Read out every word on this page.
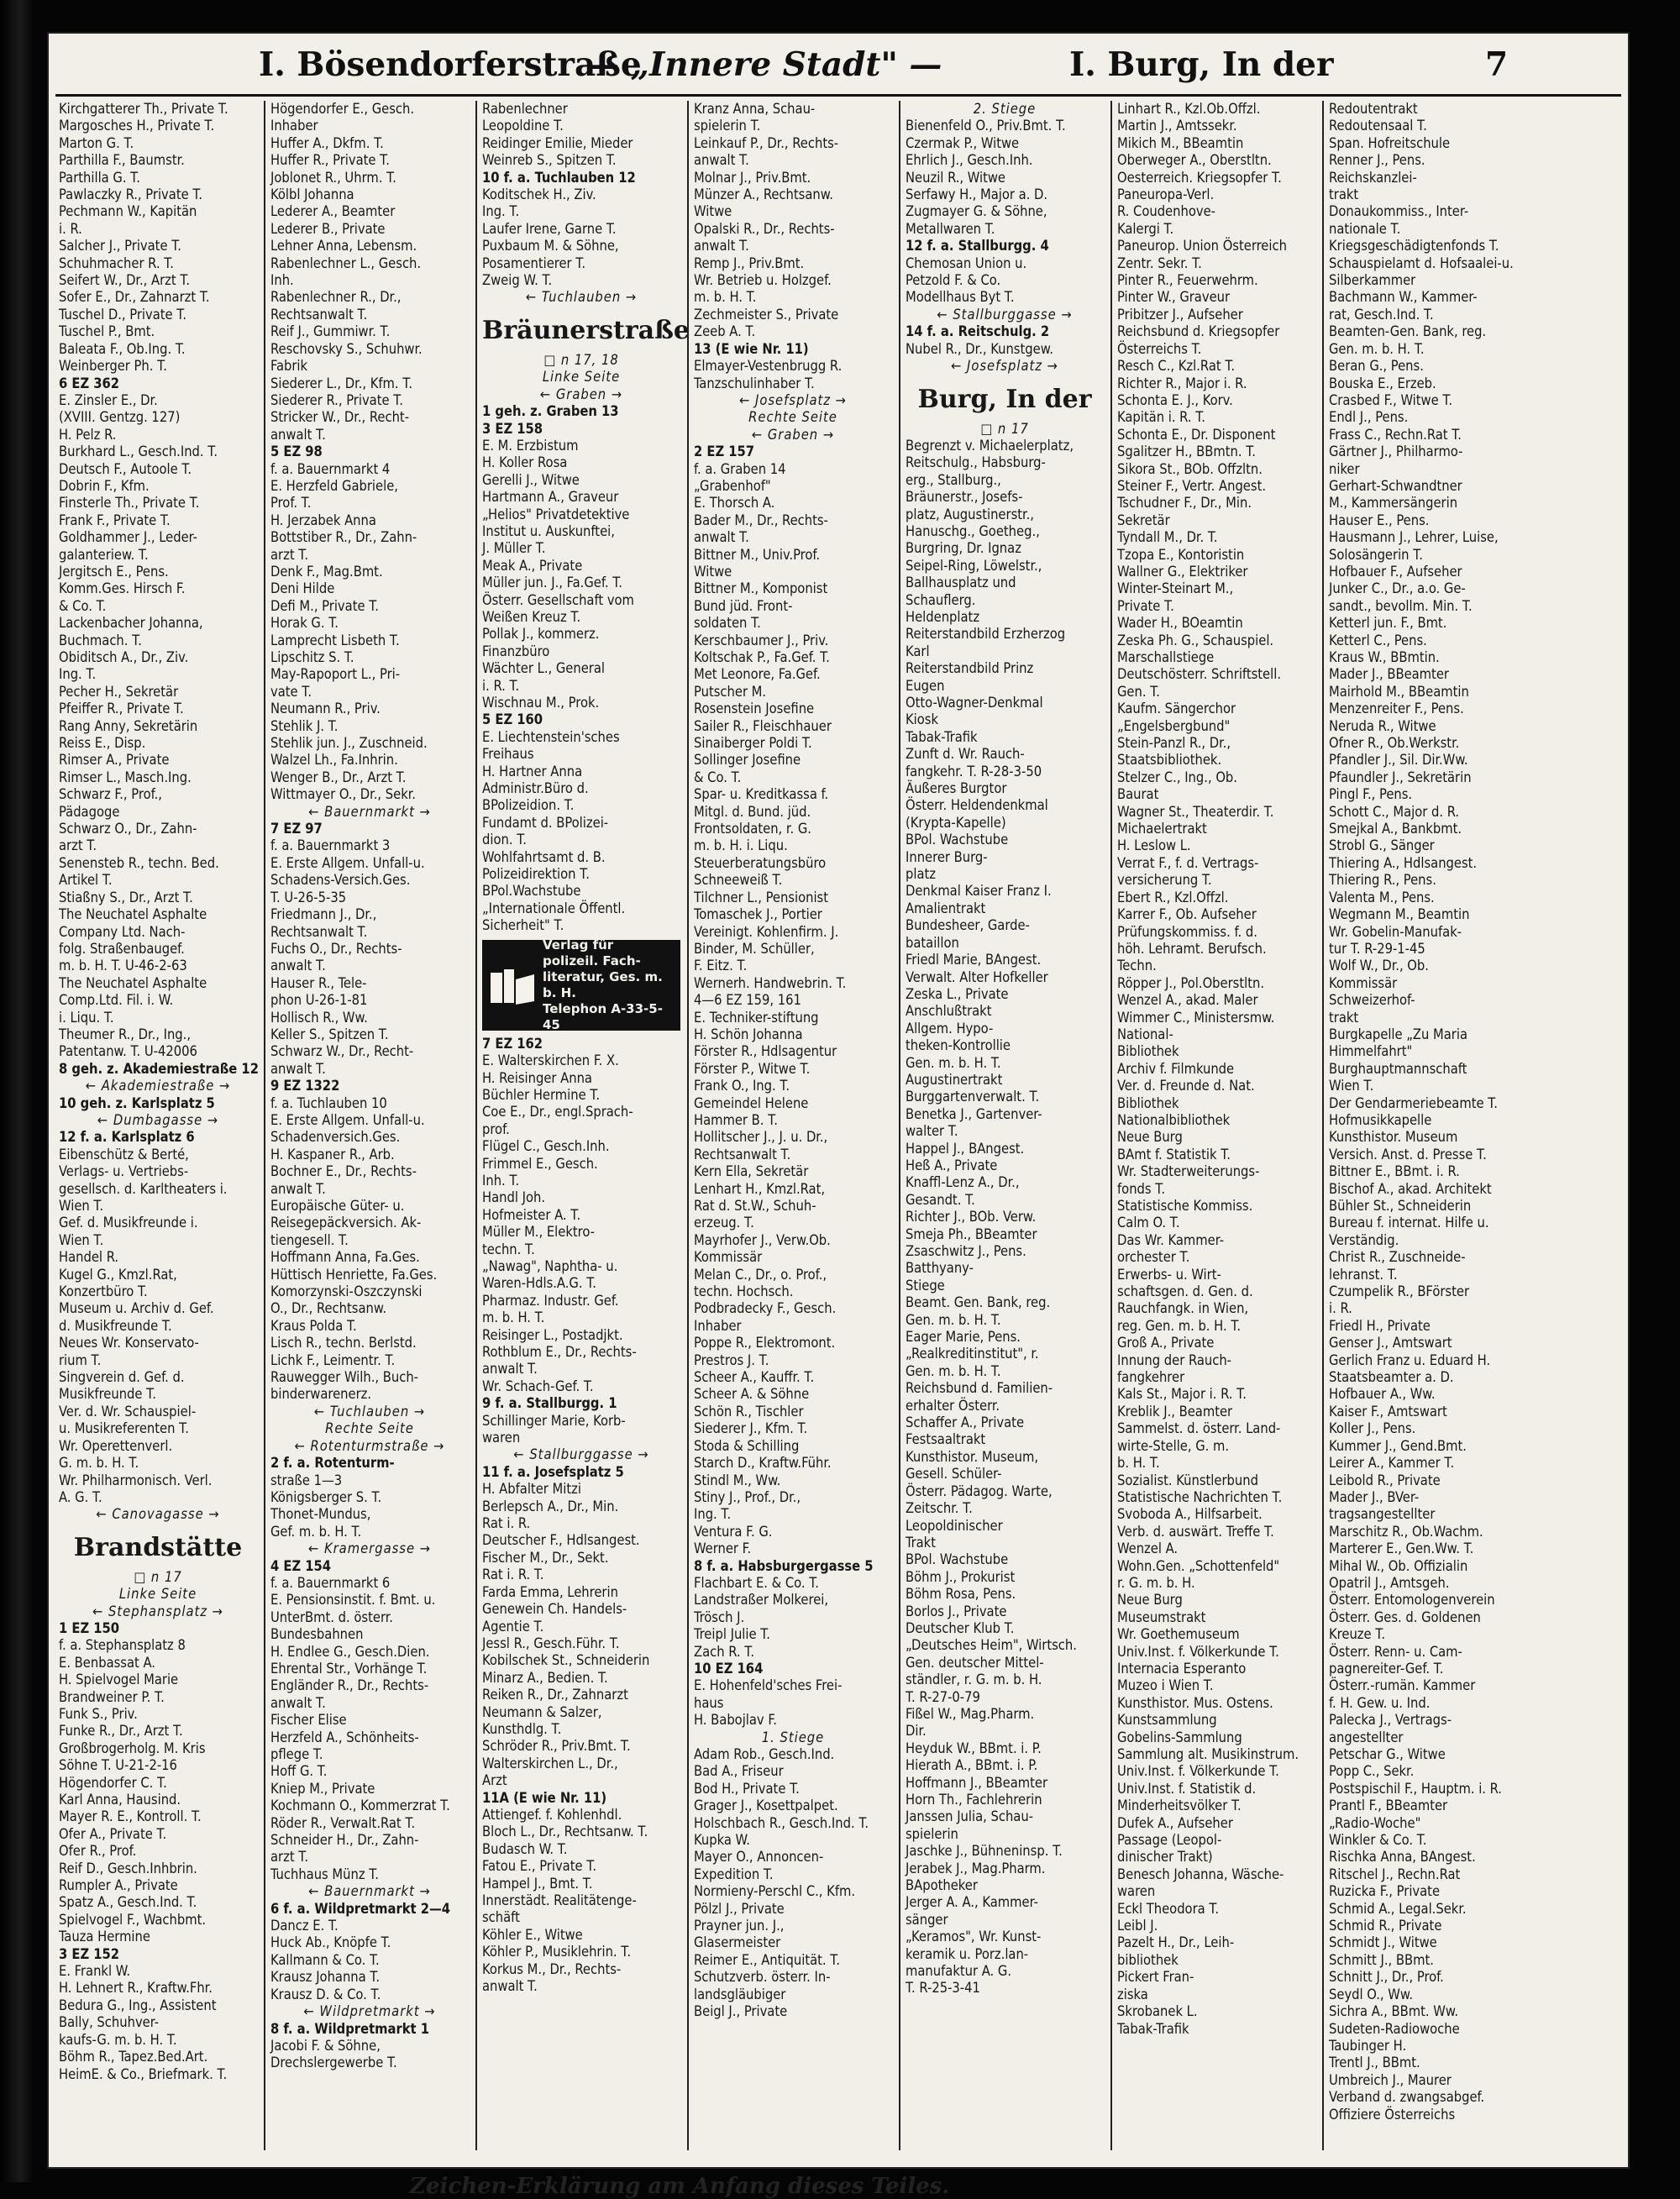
I. Bösendorferstraße
— „Innere Stadt" —	I. Burg, In der	7
Kirchgatterer Th., Private T.
Margosches H., Private T.
Marton G. T.
Parthilla F., Baumstr.
Parthilla G. T.
Pawlaczky R., Private T.
Pechmann W., Kapitän
i. R.
Salcher J., Private T.
Schuhmacher R. T.
Seifert W., Dr., Arzt T.
Sofer E., Dr., Zahnarzt T.
Tuschel D., Private T.
Tuschel P., Bmt.
Baleata F., Ob.Ing. T.
Weinberger Ph. T.
6 EZ 362
E. Zinsler E., Dr.
(XVIII. Gentzg. 127)
H. Pelz R.
Burkhard L., Gesch.Ind. T.
Deutsch F., Autoole T.
Dobrin F., Kfm.
Finsterle Th., Private T.
Frank F., Private T.
Goldhammer J., Leder-
galanteriew. T.
Jergitsch E., Pens.
Komm.Ges. Hirsch F.
& Co. T.
Lackenbacher Johanna,
Buchmach. T.
Obiditsch A., Dr., Ziv.
Ing. T.
Pecher H., Sekretär
Pfeiffer R., Private T.
Rang Anny, Sekretärin
Reiss E., Disp.
Rimser A., Private
Rimser L., Masch.Ing.
Schwarz F., Prof.,
Pädagoge
Schwarz O., Dr., Zahn-
arzt T.
Senensteb R., techn. Bed.
Artikel T.
Stiaßny S., Dr., Arzt T.
The Neuchatel Asphalte
Company Ltd. Nach-
folg. Straßenbaugef.
m. b. H. T. U-46-2-63
The Neuchatel Asphalte
Comp.Ltd. Fil. i. W.
i. Liqu. T.
Theumer R., Dr., Ing.,
Patentanw. T. U-42006
8 geh. z. Akademiestraße 12
← Akademiestraße →
10 geh. z. Karlsplatz 5
← Dumbagasse →
12 f. a. Karlsplatz 6
Eibenschütz & Berté,
Verlags- u. Vertriebs-
gesellsch. d. Karltheaters i.
Wien T.
Gef. d. Musikfreunde i.
Wien T.
Handel R.
Kugel G., Kmzl.Rat,
Konzertbüro T.
Museum u. Archiv d. Gef.
d. Musikfreunde T.
Neues Wr. Konservato-
rium T.
Singverein d. Gef. d.
Musikfreunde T.
Ver. d. Wr. Schauspiel-
u. Musikreferenten T.
Wr. Operettenverl.
G. m. b. H. T.
Wr. Philharmonisch. Verl.
A. G. T.
← Canovagasse →
Brandstätte
□ n 17
Linke Seite
← Stephansplatz →
1 EZ 150
f. a. Stephansplatz 8
E. Benbassat A.
H. Spielvogel Marie
Brandweiner P. T.
Funk S., Priv.
Funke R., Dr., Arzt T.
Großbrogerholg. M. Kris
Söhne T. U-21-2-16
Högendorfer C. T.
Karl Anna, Hausind.
Mayer R. E., Kontroll. T.
Ofer A., Private T.
Ofer R., Prof.
Reif D., Gesch.Inhbrin.
Rumpler A., Private
Spatz A., Gesch.Ind. T.
Spielvogel F., Wachbmt.
Tauza Hermine
3 EZ 152
E. Frankl W.
H. Lehnert R., Kraftw.Fhr.
Bedura G., Ing., Assistent
Bally, Schuhver-
kaufs-G. m. b. H. T.
Böhm R., Tapez.Bed.Art.
HeimE. & Co., Briefmark. T.
Högendorfer E., Gesch.
Inhaber
Huffer A., Dkfm. T.
Huffer R., Private T.
Joblonet R., Uhrm. T.
Kölbl Johanna
Lederer A., Beamter
Lederer B., Private
Lehner Anna, Lebensm.
Rabenlechner L., Gesch.
Inh.
Rabenlechner R., Dr.,
Rechtsanwalt T.
Reif J., Gummiwr. T.
Reschovsky S., Schuhwr.
Fabrik
Siederer L., Dr., Kfm. T.
Siederer R., Private T.
Stricker W., Dr., Recht-
anwalt T.
5 EZ 98
f. a. Bauernmarkt 4
E. Herzfeld Gabriele,
Prof. T.
H. Jerzabek Anna
Bottstiber R., Dr., Zahn-
arzt T.
Denk F., Mag.Bmt.
Deni Hilde
Defi M., Private T.
Horak G. T.
Lamprecht Lisbeth T.
Lipschitz S. T.
May-Rapoport L., Pri-
vate T.
Neumann R., Priv.
Stehlik J. T.
Stehlik jun. J., Zuschneid.
Walzel Lh., Fa.Inhrin.
Wenger B., Dr., Arzt T.
Wittmayer O., Dr., Sekr.
← Bauernmarkt →
7 EZ 97
f. a. Bauernmarkt 3
E. Erste Allgem. Unfall-u.
Schadens-Versich.Ges.
T. U-26-5-35
Friedmann J., Dr.,
Rechtsanwalt T.
Fuchs O., Dr., Rechts-
anwalt T.
Hauser R., Tele-
phon U-26-1-81
Hollisch R., Ww.
Keller S., Spitzen T.
Schwarz W., Dr., Recht-
anwalt T.
9 EZ 1322
f. a. Tuchlauben 10
E. Erste Allgem. Unfall-u.
Schadenversich.Ges.
H. Kaspaner R., Arb.
Bochner E., Dr., Rechts-
anwalt T.
Europäische Güter- u.
Reisegepäckversich. Ak-
tiengesell. T.
Hoffmann Anna, Fa.Ges.
Hüttisch Henriette, Fa.Ges.
Komorzynski-Oszczynski
O., Dr., Rechtsanw.
Kraus Polda T.
Lisch R., techn. Berlstd.
Lichk F., Leimentr. T.
Rauwegger Wilh., Buch-
binderwarenerz.
← Tuchlauben →
Rechte Seite
← Rotenturmstraße →
2 f. a. Rotenturm-
straße 1—3
Königsberger S. T.
Thonet-Mundus,
Gef. m. b. H. T.
← Kramergasse →
4 EZ 154
f. a. Bauernmarkt 6
E. Pensionsinstit. f. Bmt. u.
UnterBmt. d. österr.
Bundesbahnen
H. Endlee G., Gesch.Dien.
Ehrental Str., Vorhänge T.
Engländer R., Dr., Rechts-
anwalt T.
Fischer Elise
Herzfeld A., Schönheits-
pflege T.
Hoff G. T.
Kniep M., Private
Kochmann O., Kommerzrat T.
Röder R., Verwalt.Rat T.
Schneider H., Dr., Zahn-
arzt T.
Tuchhaus Münz T.
← Bauernmarkt →
6 f. a. Wildpretmarkt 2—4
Dancz E. T.
Huck Ab., Knöpfe T.
Kallmann & Co. T.
Krausz Johanna T.
Krausz D. & Co. T.
← Wildpretmarkt →
8 f. a. Wildpretmarkt 1
Jacobi F. & Söhne,
Drechslergewerbe T.
Rabenlechner
Leopoldine T.
Reidinger Emilie, Mieder
Weinreb S., Spitzen T.
10 f. a. Tuchlauben 12
Koditschek H., Ziv.
Ing. T.
Laufer Irene, Garne T.
Puxbaum M. & Söhne,
Posamentierer T.
Zweig W. T.
← Tuchlauben →
Bräunerstraße
□ n 17, 18
Linke Seite
← Graben →
1 geh. z. Graben 13
3 EZ 158
E. M. Erzbistum
H. Koller Rosa
Gerelli J., Witwe
Hartmann A., Graveur
„Helios" Privatdetektive
Institut u. Auskunftei,
J. Müller T.
Meak A., Private
Müller jun. J., Fa.Gef. T.
Österr. Gesellschaft vom
Weißen Kreuz T.
Pollak J., kommerz.
Finanzbüro
Wächter L., General
i. R. T.
Wischnau M., Prok.
5 EZ 160
E. Liechtenstein'sches
Freihaus
H. Hartner Anna
Administr.Büro d.
BPolizeidion. T.
Fundamt d. BPolizei-
dion. T.
Wohlfahrtsamt d. B.
Polizeidirektion T.
BPol.Wachstube
„Internationale Öffentl.
Sicherheit" T.
Verlag für
polizeil. Fach-
literatur, Ges. m. b. H.
Telephon A-33-5-45
7 EZ 162
E. Walterskirchen F. X.
H. Reisinger Anna
Büchler Hermine T.
Coe E., Dr., engl.Sprach-
prof.
Flügel C., Gesch.Inh.
Frimmel E., Gesch.
Inh. T.
Handl Joh.
Hofmeister A. T.
Müller M., Elektro-
techn. T.
„Nawag", Naphtha- u.
Waren-Hdls.A.G. T.
Pharmaz. Industr. Gef.
m. b. H. T.
Reisinger L., Postadjkt.
Rothblum E., Dr., Rechts-
anwalt T.
Wr. Schach-Gef. T.
9 f. a. Stallburgg. 1
Schillinger Marie, Korb-
waren
← Stallburggasse →
11 f. a. Josefsplatz 5
H. Abfalter Mitzi
Berlepsch A., Dr., Min.
Rat i. R.
Deutscher F., Hdlsangest.
Fischer M., Dr., Sekt.
Rat i. R. T.
Farda Emma, Lehrerin
Genewein Ch. Handels-
Agentie T.
Jessl R., Gesch.Führ. T.
Kobilschek St., Schneiderin
Minarz A., Bedien. T.
Reiken R., Dr., Zahnarzt
Neumann & Salzer,
Kunsthdlg. T.
Schröder R., Priv.Bmt. T.
Walterskirchen L., Dr.,
Arzt
11A (E wie Nr. 11)
Attiengef. f. Kohlenhdl.
Bloch L., Dr., Rechtsanw. T.
Budasch W. T.
Fatou E., Private T.
Hampel J., Bmt. T.
Innerstädt. Realitätenge-
schäft
Köhler E., Witwe
Köhler P., Musiklehrin. T.
Korkus M., Dr., Rechts-
anwalt T.
Kranz Anna, Schau-
spielerin T.
Leinkauf P., Dr., Rechts-
anwalt T.
Molnar J., Priv.Bmt.
Münzer A., Rechtsanw.
Witwe
Opalski R., Dr., Rechts-
anwalt T.
Remp J., Priv.Bmt.
Wr. Betrieb u. Holzgef.
m. b. H. T.
Zechmeister S., Private
Zeeb A. T.
13 (E wie Nr. 11)
Elmayer-Vestenbrugg R.
Tanzschulinhaber T.
← Josefsplatz →
Rechte Seite
← Graben →
2 EZ 157
f. a. Graben 14
„Grabenhof"
E. Thorsch A.
Bader M., Dr., Rechts-
anwalt T.
Bittner M., Univ.Prof.
Witwe
Bittner M., Komponist
Bund jüd. Front-
soldaten T.
Kerschbaumer J., Priv.
Koltschak P., Fa.Gef. T.
Met Leonore, Fa.Gef.
Putscher M.
Rosenstein Josefine
Sailer R., Fleischhauer
Sinaiberger Poldi T.
Sollinger Josefine
& Co. T.
Spar- u. Kreditkassa f.
Mitgl. d. Bund. jüd.
Frontsoldaten, r. G.
m. b. H. i. Liqu.
Steuerberatungsbüro
Schneeweiß T.
Tilchner L., Pensionist
Tomaschek J., Portier
Vereinigt. Kohlenfirm. J.
Binder, M. Schüller,
F. Eitz. T.
Wernerh. Handwebrin. T.
4—6 EZ 159, 161
E. Techniker-stiftung
H. Schön Johanna
Förster R., Hdlsagentur
Förster P., Witwe T.
Frank O., Ing. T.
Gemeindel Helene
Hammer B. T.
Hollitscher J., J. u. Dr.,
Rechtsanwalt T.
Kern Ella, Sekretär
Lenhart H., Kmzl.Rat,
Rat d. St.W., Schuh-
erzeug. T.
Mayrhofer J., Verw.Ob.
Kommissär
Melan C., Dr., o. Prof.,
techn. Hochsch.
Podbradecky F., Gesch.
Inhaber
Poppe R., Elektromont.
Prestros J. T.
Scheer A., Kauffr. T.
Scheer A. & Söhne
Schön R., Tischler
Siederer J., Kfm. T.
Stoda & Schilling
Starch D., Kraftw.Führ.
Stindl M., Ww.
Stiny J., Prof., Dr.,
Ing. T.
Ventura F. G.
Werner F.
8 f. a. Habsburgergasse 5
Flachbart E. & Co. T.
Landstraßer Molkerei,
Trösch J.
Treipl Julie T.
Zach R. T.
10 EZ 164
E. Hohenfeld'sches Frei-
haus
H. Babojlav F.
1. Stiege
Adam Rob., Gesch.Ind.
Bad A., Friseur
Bod H., Private T.
Grager J., Kosettpalpet.
Holschbach R., Gesch.Ind. T.
Kupka W.
Mayer O., Annoncen-
Expedition T.
Normieny-Perschl C., Kfm.
Pölzl J., Private
Prayner jun. J.,
Glasermeister
Reimer E., Antiquität. T.
Schutzverb. österr. In-
landsgläubiger
Beigl J., Private
2. Stiege
Bienenfeld O., Priv.Bmt. T.
Czermak P., Witwe
Ehrlich J., Gesch.Inh.
Neuzil R., Witwe
Serfawy H., Major a. D.
Zugmayer G. & Söhne,
Metallwaren T.
12 f. a. Stallburgg. 4
Chemosan Union u.
Petzold F. & Co.
Modellhaus Byt T.
← Stallburggasse →
14 f. a. Reitschulg. 2
Nubel R., Dr., Kunstgew.
← Josefsplatz →
Burg, In der
□ n 17
Begrenzt v. Michaelerplatz,
Reitschulg., Habsburg-
erg., Stallburg.,
Bräunerstr., Josefs-
platz, Augustinerstr.,
Hanuschg., Goetheg.,
Burgring, Dr. Ignaz
Seipel-Ring, Löwelstr.,
Ballhausplatz und
Schauflerg.
Heldenplatz
Reiterstandbild Erzherzog
Karl
Reiterstandbild Prinz
Eugen
Otto-Wagner-Denkmal
Kiosk
Tabak-Trafik
Zunft d. Wr. Rauch-
fangkehr. T. R-28-3-50
Äußeres Burgtor
Österr. Heldendenkmal
(Krypta-Kapelle)
BPol. Wachstube
Innerer Burg-
platz
Denkmal Kaiser Franz I.
Amalientrakt
Bundesheer, Garde-
bataillon
Friedl Marie, BAngest.
Verwalt. Alter Hofkeller
Zeska L., Private
Anschlußtrakt
Allgem. Hypo-
theken-Kontrollie
Gen. m. b. H. T.
Augustinertrakt
Burggartenverwalt. T.
Benetka J., Gartenver-
walter T.
Happel J., BAngest.
Heß A., Private
Knaffl-Lenz A., Dr.,
Gesandt. T.
Richter J., BOb. Verw.
Smeja Ph., BBeamter
Zsaschwitz J., Pens.
Batthyany-
Stiege
Beamt. Gen. Bank, reg.
Gen. m. b. H. T.
Eager Marie, Pens.
„Realkreditinstitut", r.
Gen. m. b. H. T.
Reichsbund d. Familien-
erhalter Österr.
Schaffer A., Private
Festsaaltrakt
Kunsthistor. Museum,
Gesell. Schüler-
Österr. Pädagog. Warte,
Zeitschr. T.
Leopoldinischer
Trakt
BPol. Wachstube
Böhm J., Prokurist
Böhm Rosa, Pens.
Borlos J., Private
Deutscher Klub T.
„Deutsches Heim", Wirtsch.
Gen. deutscher Mittel-
ständler, r. G. m. b. H.
T. R-27-0-79
Fißel W., Mag.Pharm.
Dir.
Heyduk W., BBmt. i. P.
Hierath A., BBmt. i. P.
Hoffmann J., BBeamter
Horn Th., Fachlehrerin
Janssen Julia, Schau-
spielerin
Jaschke J., Bühneninsp. T.
Jerabek J., Mag.Pharm.
BApotheker
Jerger A. A., Kammer-
sänger
„Keramos", Wr. Kunst-
keramik u. Porz.lan-
manufaktur A. G.
T. R-25-3-41
Linhart R., Kzl.Ob.Offzl.
Martin J., Amtssekr.
Mikich M., BBeamtin
Oberweger A., Oberstltn.
Oesterreich. Kriegsopfer T.
Paneuropa-Verl.
R. Coudenhove-
Kalergi T.
Paneurop. Union Österreich
Zentr. Sekr. T.
Pinter R., Feuerwehrm.
Pinter W., Graveur
Pribitzer J., Aufseher
Reichsbund d. Kriegsopfer
Österreichs T.
Resch C., Kzl.Rat T.
Richter R., Major i. R.
Schonta E. J., Korv.
Kapitän i. R. T.
Schonta E., Dr. Disponent
Sgalitzer H., BBmtn. T.
Sikora St., BOb. Offzltn.
Steiner F., Vertr. Angest.
Tschudner F., Dr., Min.
Sekretär
Tyndall M., Dr. T.
Tzopa E., Kontoristin
Wallner G., Elektriker
Winter-Steinart M.,
Private T.
Wader H., BOeamtin
Zeska Ph. G., Schauspiel.
Marschallstiege
Deutschösterr. Schriftstell.
Gen. T.
Kaufm. Sängerchor
„Engelsbergbund"
Stein-Panzl R., Dr.,
Staatsbibliothek.
Stelzer C., Ing., Ob.
Baurat
Wagner St., Theaterdir. T.
Michaelertrakt
H. Leslow L.
Verrat F., f. d. Vertrags-
versicherung T.
Ebert R., Kzl.Offzl.
Karrer F., Ob. Aufseher
Prüfungskommiss. f. d.
höh. Lehramt. Berufsch.
Techn.
Röpper J., Pol.Oberstltn.
Wenzel A., akad. Maler
Wimmer C., Ministersmw.
National-
Bibliothek
Archiv f. Filmkunde
Ver. d. Freunde d. Nat.
Bibliothek
Nationalbibliothek
Neue Burg
BAmt f. Statistik T.
Wr. Stadterweiterungs-
fonds T.
Statistische Kommiss.
Calm O. T.
Das Wr. Kammer-
orchester T.
Erwerbs- u. Wirt-
schaftsgen. d. Gen. d.
Rauchfangk. in Wien,
reg. Gen. m. b. H. T.
Groß A., Private
Innung der Rauch-
fangkehrer
Kals St., Major i. R. T.
Kreblik J., Beamter
Sammelst. d. österr. Land-
wirte-Stelle, G. m.
b. H. T.
Sozialist. Künstlerbund
Statistische Nachrichten T.
Svoboda A., Hilfsarbeit.
Verb. d. auswärt. Treffe T.
Wenzel A.
Wohn.Gen. „Schottenfeld"
r. G. m. b. H.
Neue Burg
Museumstrakt
Wr. Goethemuseum
Univ.Inst. f. Völkerkunde T.
Internacia Esperanto
Muzeo i Wien T.
Kunsthistor. Mus. Ostens.
Kunstsammlung
Gobelins-Sammlung
Sammlung alt. Musikinstrum.
Univ.Inst. f. Völkerkunde T.
Univ.Inst. f. Statistik d.
Minderheitsvölker T.
Dufek A., Aufseher
Passage (Leopol-
dinischer Trakt)
Benesch Johanna, Wäsche-
waren
Eckl Theodora T.
Leibl J.
Pazelt H., Dr., Leih-
bibliothek
Pickert Fran-
ziska
Skrobanek L.
Tabak-Trafik
Redoutentrakt
Redoutensaal T.
Span. Hofreitschule
Renner J., Pens.
Reichskanzlei-
trakt
Donaukommiss., Inter-
nationale T.
Kriegsgeschädigtenfonds T.
Schauspielamt d. Hofsaalei-u.
Silberkammer
Bachmann W., Kammer-
rat, Gesch.Ind. T.
Beamten-Gen. Bank, reg.
Gen. m. b. H. T.
Beran G., Pens.
Bouska E., Erzeb.
Crasbed F., Witwe T.
Endl J., Pens.
Frass C., Rechn.Rat T.
Gärtner J., Philharmo-
niker
Gerhart-Schwandtner
M., Kammersängerin
Hauser E., Pens.
Hausmann J., Lehrer, Luise,
Solosängerin T.
Hofbauer F., Aufseher
Junker C., Dr., a.o. Ge-
sandt., bevollm. Min. T.
Ketterl jun. F., Bmt.
Ketterl C., Pens.
Kraus W., BBmtin.
Mader J., BBeamter
Mairhold M., BBeamtin
Menzenreiter F., Pens.
Neruda R., Witwe
Ofner R., Ob.Werkstr.
Pfandler J., Sil. Dir.Ww.
Pfaundler J., Sekretärin
Pingl F., Pens.
Schott C., Major d. R.
Smejkal A., Bankbmt.
Strobl G., Sänger
Thiering A., Hdlsangest.
Thiering R., Pens.
Valenta M., Pens.
Wegmann M., Beamtin
Wr. Gobelin-Manufak-
tur T. R-29-1-45
Wolf W., Dr., Ob.
Kommissär
Schweizerhof-
trakt
Burgkapelle „Zu Maria
Himmelfahrt"
Burghauptmannschaft
Wien T.
Der Gendarmeriebeamte T.
Hofmusikkapelle
Kunsthistor. Museum
Versich. Anst. d. Presse T.
Bittner E., BBmt. i. R.
Bischof A., akad. Architekt
Bühler St., Schneiderin
Bureau f. internat. Hilfe u.
Verständig.
Christ R., Zuschneide-
lehranst. T.
Czumpelik R., BFörster
i. R.
Friedl H., Private
Genser J., Amtswart
Gerlich Franz u. Eduard H.
Staatsbeamter a. D.
Hofbauer A., Ww.
Kaiser F., Amtswart
Koller J., Pens.
Kummer J., Gend.Bmt.
Leirer A., Kammer T.
Leibold R., Private
Mader J., BVer-
tragsangestellter
Marschitz R., Ob.Wachm.
Marterer E., Gen.Ww. T.
Mihal W., Ob. Offizialin
Opatril J., Amtsgeh.
Österr. Entomologenverein
Österr. Ges. d. Goldenen
Kreuze T.
Österr. Renn- u. Cam-
pagnereiter-Gef. T.
Österr.-rumän. Kammer
f. H. Gew. u. Ind.
Palecka J., Vertrags-
angestellter
Petschar G., Witwe
Popp C., Sekr.
Postspischil F., Hauptm. i. R.
Prantl F., BBeamter
„Radio-Woche"
Winkler & Co. T.
Rischka Anna, BAngest.
Ritschel J., Rechn.Rat
Ruzicka F., Private
Schmid A., Legal.Sekr.
Schmid R., Private
Schmidt J., Witwe
Schmitt J., BBmt.
Schnitt J., Dr., Prof.
Seydl O., Ww.
Sichra A., BBmt. Ww.
Sudeten-Radiowoche
Taubinger H.
Trentl J., BBmt.
Umbreich J., Maurer
Verband d. zwangsabgef.
Offiziere Österreichs
Zeichen-Erklärung am Anfang dieses Teiles.
